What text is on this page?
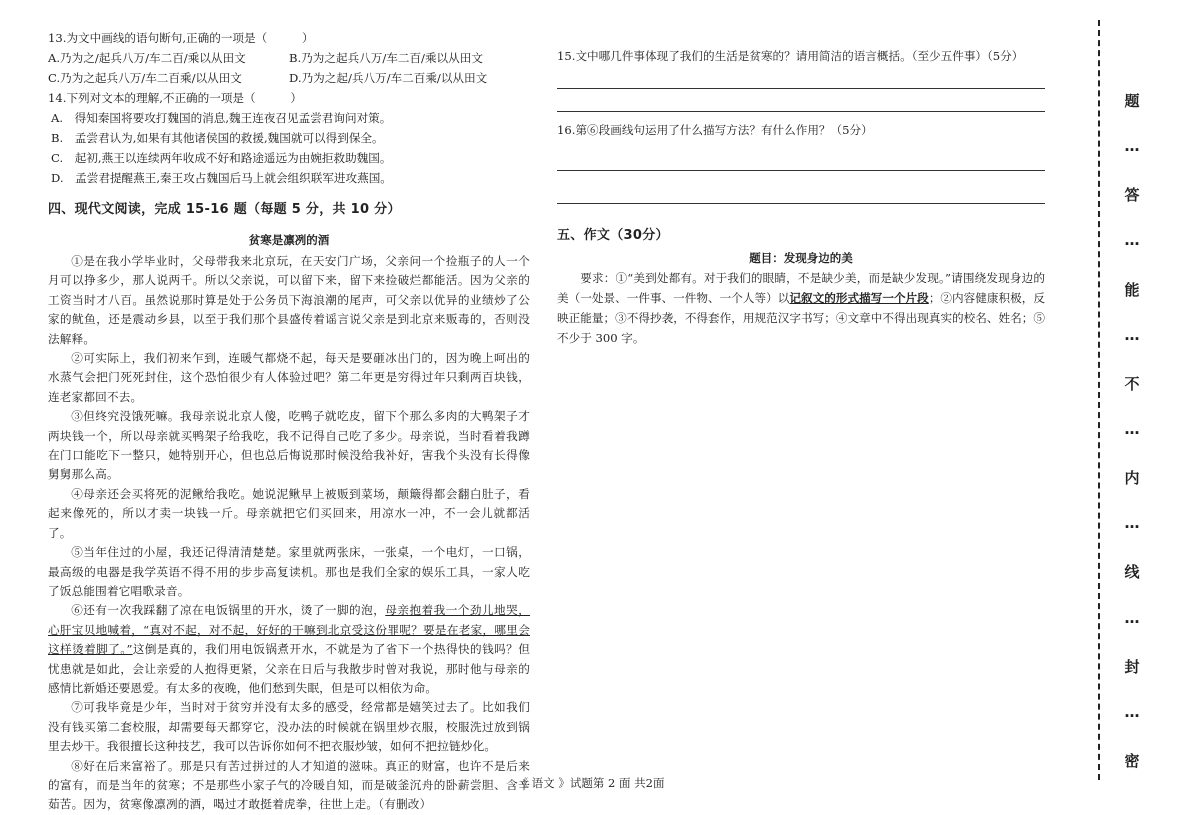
13.为文中画线的语句断句,正确的一项是（　　　）
A.乃为之/起兵八万/车二百/乘以从田文	B.乃为之起兵八万/车二百/乘以从田文
C.乃为之起兵八万/车二百乘/以从田文	D.乃为之起/兵八万/车二百乘/以从田文
14.下列对文本的理解,不正确的一项是（　　　）
A.　得知秦国将要攻打魏国的消息,魏王连夜召见孟尝君询问对策。
B.　孟尝君认为,如果有其他诸侯国的救援,魏国就可以得到保全。
C.　起初,燕王以连续两年收成不好和路途遥远为由婉拒救助魏国。
D.　孟尝君提醒燕王,秦王攻占魏国后马上就会组织联军进攻燕国。
四、现代文阅读，完成 15-16 题（每题 5 分，共 10 分）
贫寒是凛冽的酒
①是在我小学毕业时，父母带我来北京玩，在天安门广场，父亲问一个捡瓶子的人一个月可以挣多少，那人说两千。所以父亲说，可以留下来，留下来捡破烂都能活。因为父亲的工资当时才八百。虽然说那时算是处于公务员下海浪潮的尾声，可父亲以优异的业绩炒了公家的鱿鱼，还是震动乡县，以至于我们那个县盛传着谣言说父亲是到北京来贩毒的，否则没法解释。
②可实际上，我们初来乍到，连暖气都烧不起，每天是要砸冰出门的，因为晚上呵出的水蒸气会把门死死封住，这个恐怕很少有人体验过吧？第二年更是穷得过年只剩两百块钱，连老家都回不去。
③但终究没饿死嘛。我母亲说北京人傻，吃鸭子就吃皮，留下个那么多肉的大鸭架子才两块钱一个，所以母亲就买鸭架子给我吃，我不记得自己吃了多少。母亲说，当时看着我蹲在门口能吃下一整只，她特别开心，但也总后悔说那时候没给我补好，害我个头没有长得像舅舅那么高。
④母亲还会买将死的泥鳅给我吃。她说泥鳅早上被贩到菜场，颠簸得都会翻白肚子，看起来像死的，所以才卖一块钱一斤。母亲就把它们买回来，用凉水一冲，不一会儿就都活了。
⑤当年住过的小屋，我还记得清清楚楚。家里就两张床，一张桌，一个电灯，一口锅，最高级的电器是我学英语不得不用的步步高复读机。那也是我们全家的娱乐工具，一家人吃了饭总能围着它唱歌录音。
⑥还有一次我踩翻了凉在电饭锅里的开水，烫了一脚的泡，母亲抱着我一个劲儿地哭，心肝宝贝地喊着，“真对不起，对不起，好好的干嘛到北京受这份罪呢？要是在老家，哪里会这样烫着脚了。”这倒是真的，我们用电饭锅煮开水，不就是为了省下一个热得快的钱吗？但忧患就是如此，会让亲爱的人抱得更紧，父亲在日后与我散步时曾对我说，那时他与母亲的感情比新婚还要恩爱。有太多的夜晚，他们愁到失眠，但是可以相依为命。
⑦可我毕竟是少年，当时对于贫穷并没有太多的感受，经常都是嬉笑过去了。比如我们没有钱买第二套校服，却需要每天都穿它，没办法的时候就在锅里炒衣服，校服洗过放到锅里去炒干。我很擅长这种技艺，我可以告诉你如何不把衣服炒皱，如何不把拉链炒化。
⑧好在后来富裕了。那是只有苦过拼过的人才知道的滋味。真正的财富，也许不是后来的富有，而是当年的贫寒；不是那些小家子气的冷暖自知，而是破釜沉舟的卧薪尝胆、含辛茹苦。因为，贫寒像凛冽的酒，喝过才敢挺着虎拳，往世上走。（有删改）
15.文中哪几件事体现了我们的生活是贫寒的？请用简洁的语言概括。（至少五件事）（5分）
16.第⑥段画线句运用了什么描写方法？有什么作用？（5分）
五、作文（30分）
题目：发现身边的美
要求：①“美到处都有。对于我们的眼睛，不是缺少美，而是缺少发现。”请围绕发现身边的美（一处景、一件事、一件物、一个人等）以记叙文的形式描写一个片段；②内容健康积极，反映正能量；③不得抄袭，不得套作，用规范汉字书写；④文章中不得出现真实的校名、姓名；⑤不少于 300 字。
《 语文 》试题第 2 面 共2面
题
…
答
…
能
…
不
…
内
…
线
…
封
…
密
